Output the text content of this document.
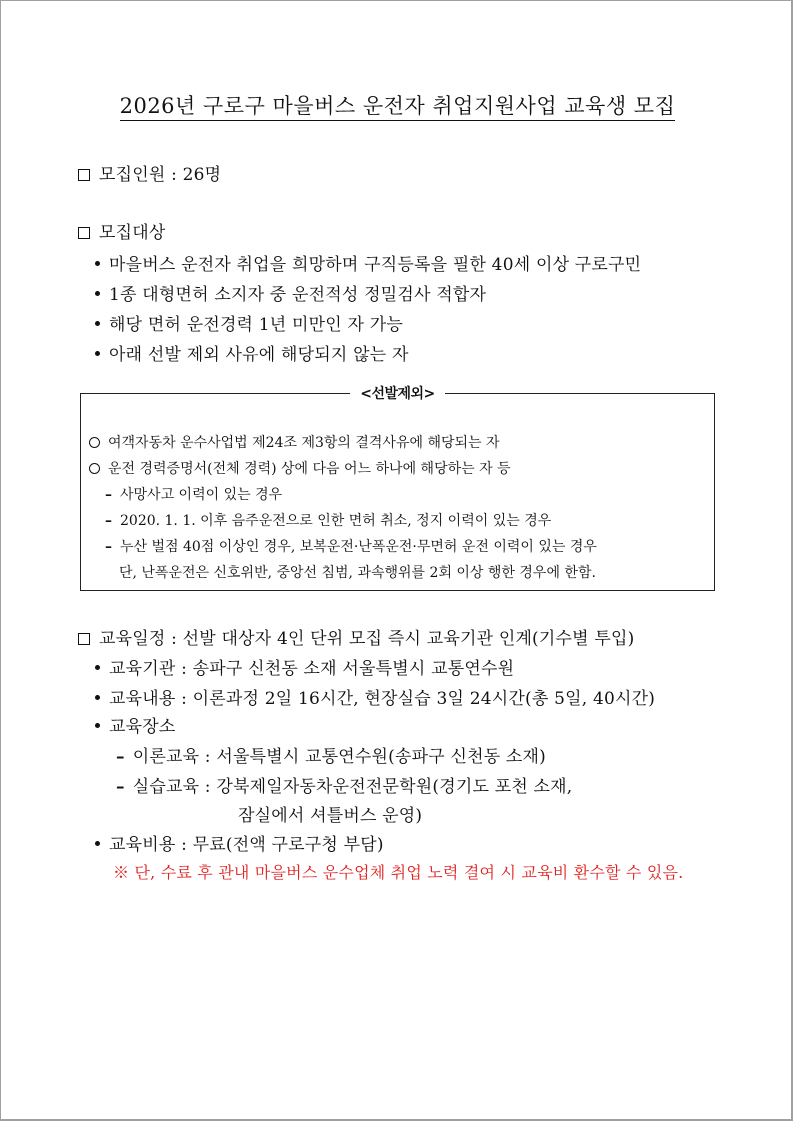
2026년 구로구 마을버스 운전자 취업지원사업 교육생 모집
모집인원 : 26명
모집대상
마을버스 운전자 취업을 희망하며 구직등록을 필한 40세 이상 구로구민
1종 대형면허 소지자 중 운전적성 정밀검사 적합자
해당 면허 운전경력 1년 미만인 자 가능
아래 선발 제외 사유에 해당되지 않는 자
<선발제외>
여객자동차 운수사업법 제24조 제3항의 결격사유에 해당되는 자
운전 경력증명서(전체 경력) 상에 다음 어느 하나에 해당하는 자 등
– 사망사고 이력이 있는 경우
– 2020. 1. 1. 이후 음주운전으로 인한 면허 취소, 정지 이력이 있는 경우
– 누산 벌점 40점 이상인 경우, 보복운전·난폭운전·무면허 운전 이력이 있는 경우
단, 난폭운전은 신호위반, 중앙선 침범, 과속행위를 2회 이상 행한 경우에 한함.
교육일정 : 선발 대상자 4인 단위 모집 즉시 교육기관 인계(기수별 투입)
교육기관 : 송파구 신천동 소재 서울특별시 교통연수원
교육내용 : 이론과정 2일 16시간, 현장실습 3일 24시간(총 5일, 40시간)
교육장소
– 이론교육 : 서울특별시 교통연수원(송파구 신천동 소재)
– 실습교육 : 강북제일자동차운전전문학원(경기도 포천 소재,
잠실에서 셔틀버스 운영)
교육비용 : 무료(전액 구로구청 부담)
※ 단, 수료 후 관내 마을버스 운수업체 취업 노력 결여 시 교육비 환수할 수 있음.
